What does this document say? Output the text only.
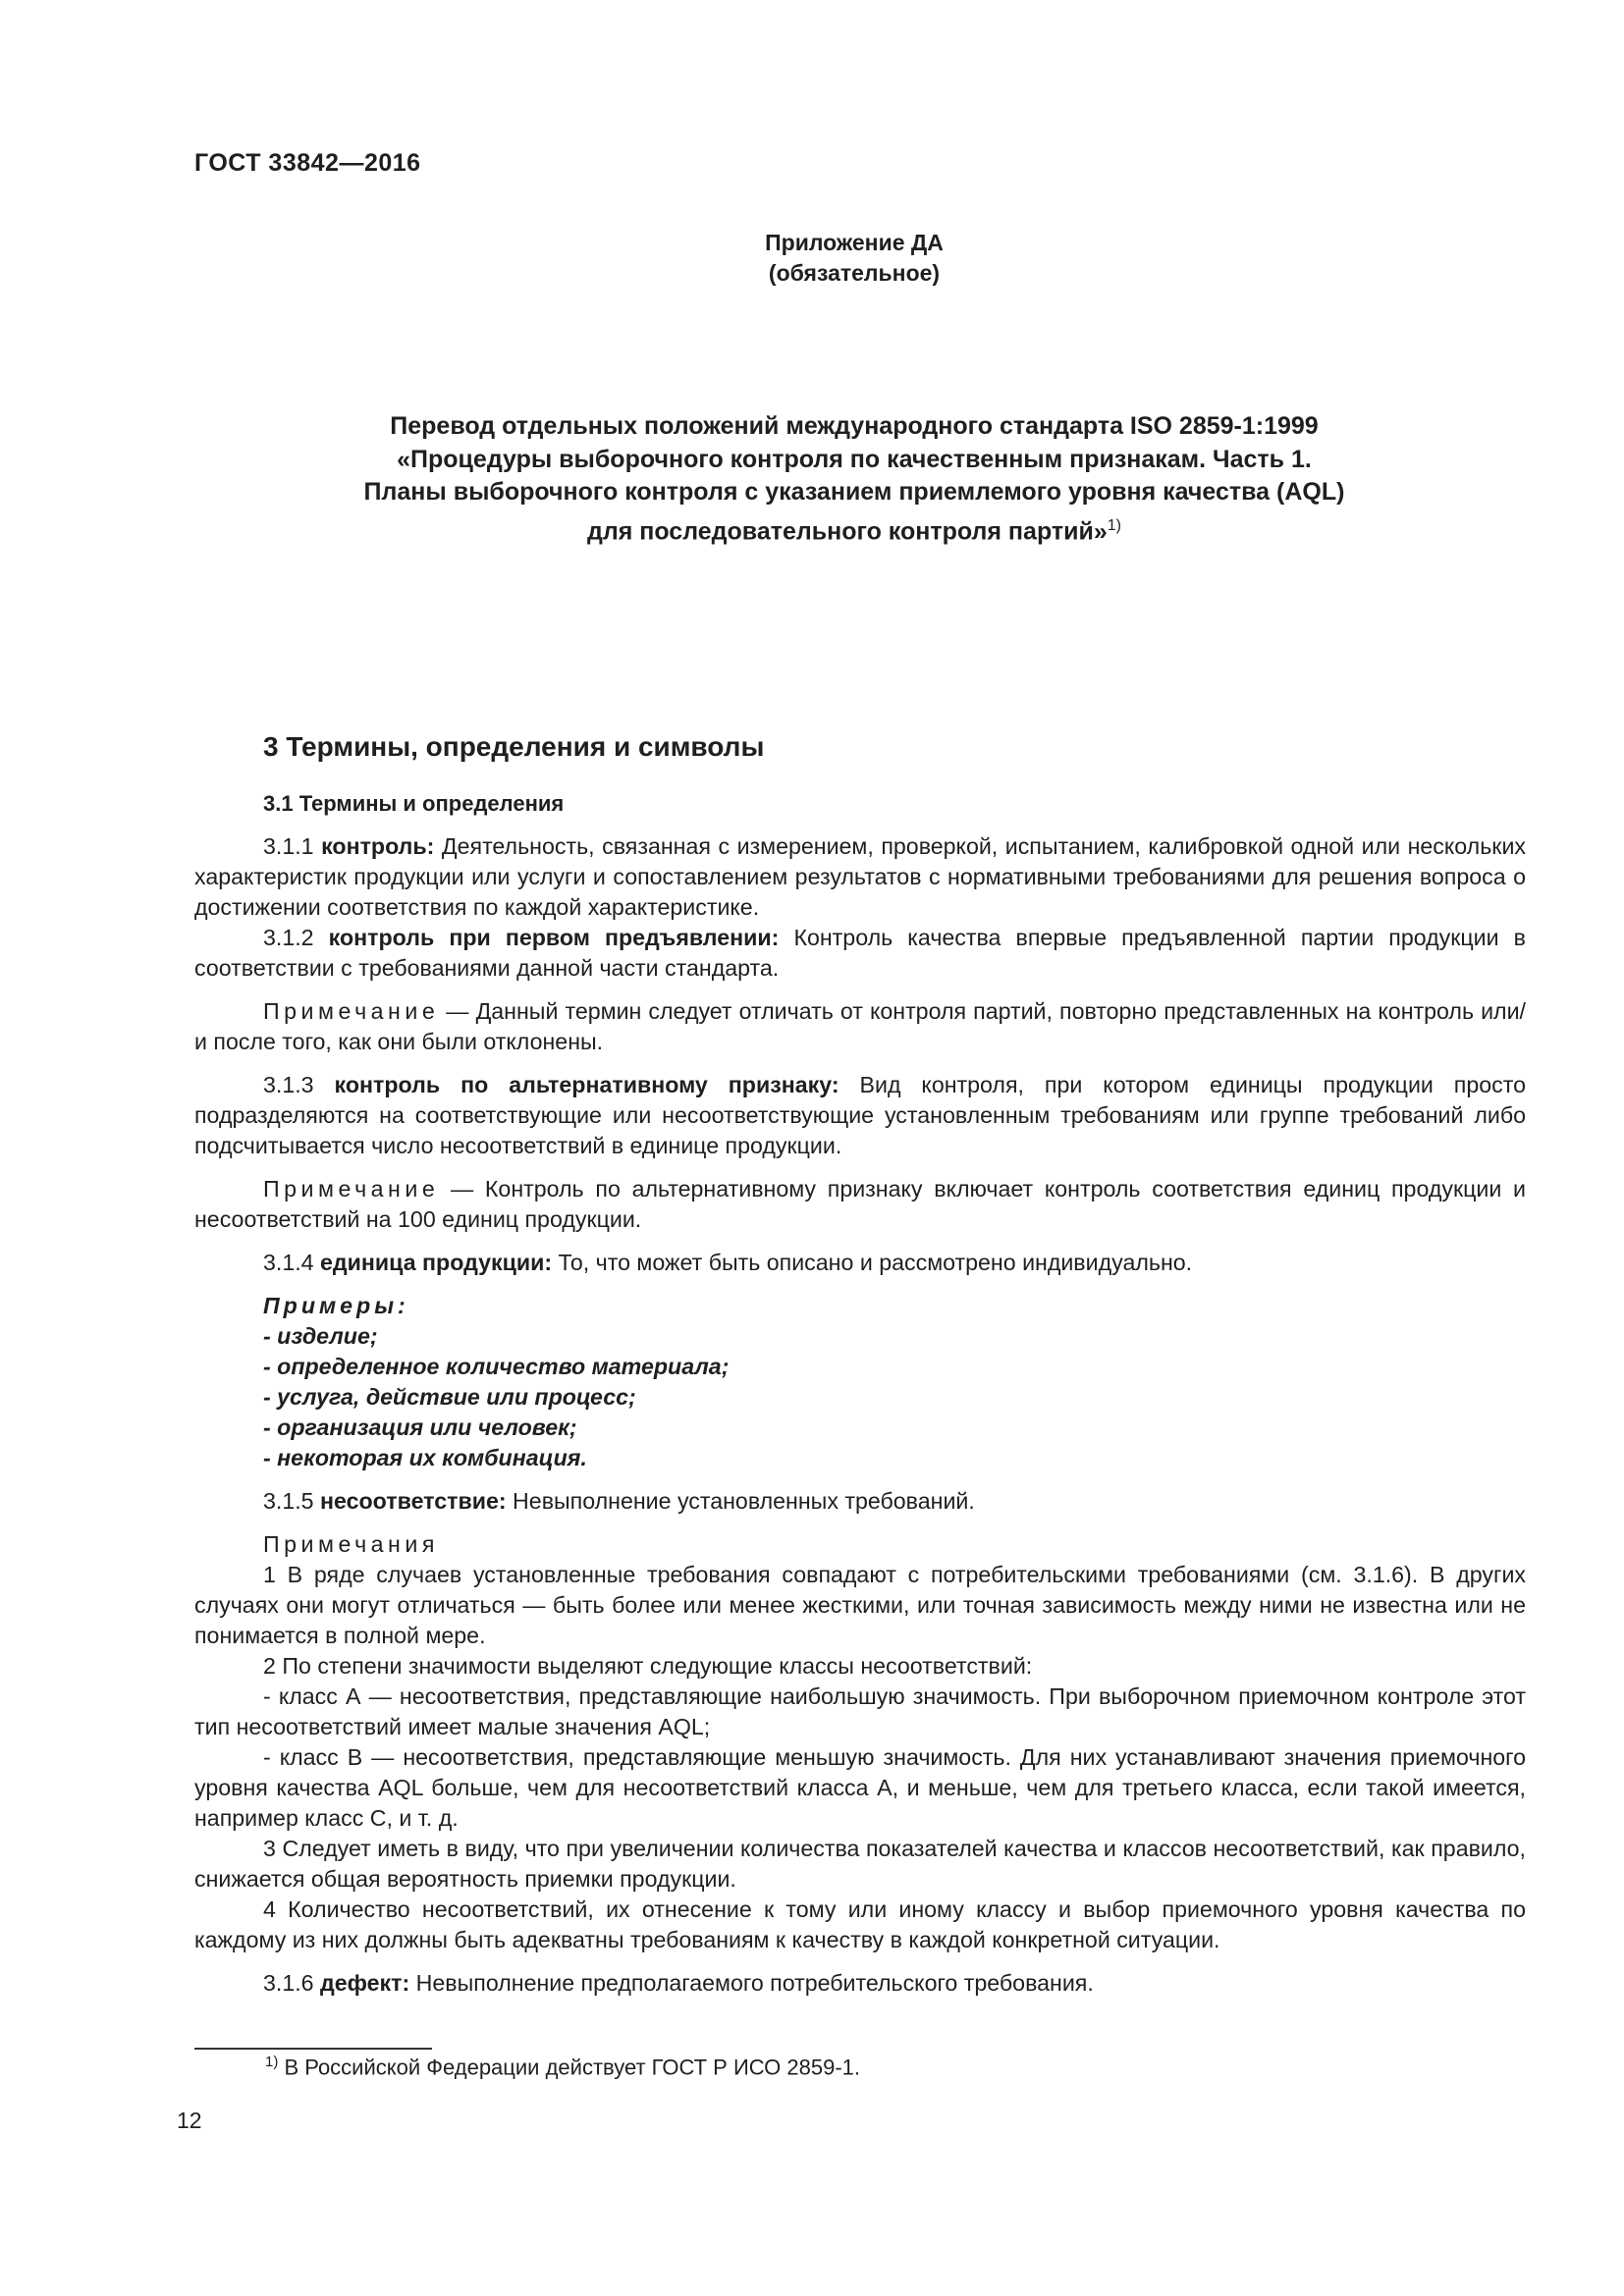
ГОСТ 33842—2016
Приложение ДА
(обязательное)
Перевод отдельных положений международного стандарта ISO 2859-1:1999
«Процедуры выборочного контроля по качественным признакам. Часть 1.
Планы выборочного контроля с указанием приемлемого уровня качества (AQL)
для последовательного контроля партий»$^{1)}$
3 Термины, определения и символы
3.1 Термины и определения

3.1.1 контроль: Деятельность, связанная с измерением, проверкой, испытанием, калибровкой одной или нескольких характеристик продукции или услуги и сопоставлением результатов с нормативными требованиями для решения вопроса о достижении соответствия по каждой характеристике.

3.1.2 контроль при первом предъявлении: Контроль качества впервые предъявленной партии продукции в соответствии с требованиями данной части стандарта.

Примечание — Данный термин следует отличать от контроля партий, повторно представленных на контроль или/и после того, как они были отклонены.

3.1.3 контроль по альтернативному признаку: Вид контроля, при котором единицы продукции просто подразделяются на соответствующие или несоответствующие установленным требованиям или группе требований либо подсчитывается число несоответствий в единице продукции.

Примечание — Контроль по альтернативному признаку включает контроль соответствия единиц продукции и несоответствий на 100 единиц продукции.

3.1.4 единица продукции: То, что может быть описано и рассмотрено индивидуально.

Примеры:
- изделие;
- определенное количество материала;
- услуга, действие или процесс;
- организация или человек;
- некоторая их комбинация.

3.1.5 несоответствие: Невыполнение установленных требований.

Примечания

1 В ряде случаев установленные требования совпадают с потребительскими требованиями (см. 3.1.6). В других случаях они могут отличаться — быть более или менее жесткими, или точная зависимость между ними не известна или не понимается в полной мере.

2 По степени значимости выделяют следующие классы несоответствий:

- класс А — несоответствия, представляющие наибольшую значимость. При выборочном приемочном контроле этот тип несоответствий имеет малые значения AQL;

- класс В — несоответствия, представляющие меньшую значимость. Для них устанавливают значения приемочного уровня качества AQL больше, чем для несоответствий класса А, и меньше, чем для третьего класса, если такой имеется, например класс С, и т. д.

3 Следует иметь в виду, что при увеличении количества показателей качества и классов несоответствий, как правило, снижается общая вероятность приемки продукции.

4 Количество несоответствий, их отнесение к тому или иному классу и выбор приемочного уровня качества по каждому из них должны быть адекватны требованиям к качеству в каждой конкретной ситуации.

3.1.6 дефект: Невыполнение предполагаемого потребительского требования.

$^{1)}$ В Российской Федерации действует ГОСТ Р ИСО 2859-1.
12
